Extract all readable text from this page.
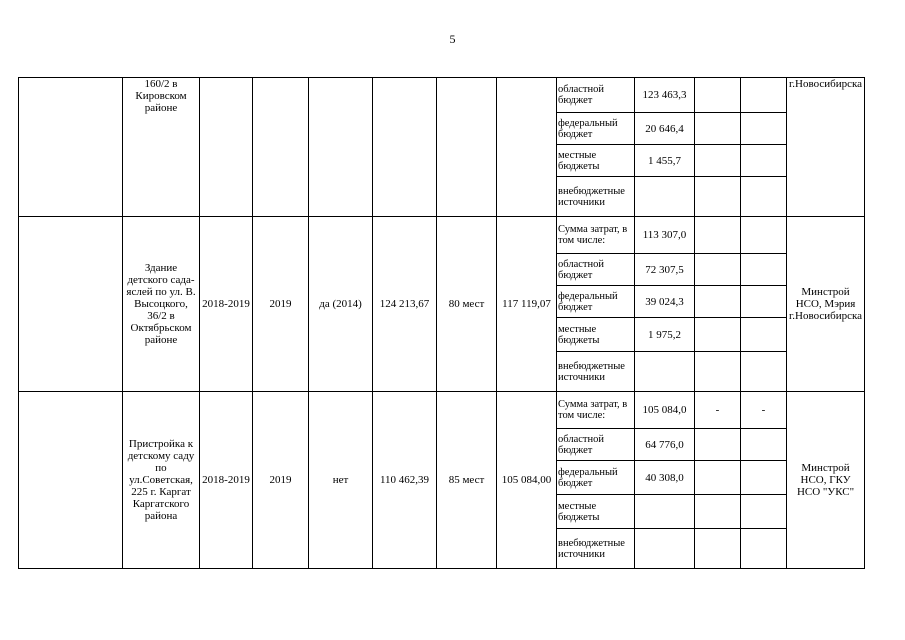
5
	160/2 в Кировском районе							областной бюджет	123 463,3			г.Новосибирска
								федеральный бюджет	20 646,4			
								местные бюджеты	1 455,7			
								внебюджетные источники				
	Здание детского сада-яслей по ул. В. Высоцкого, 36/2 в Октябрьском районе	2018-2019	2019	да (2014)	124 213,67	80 мест	117 119,07	Сумма затрат, в том числе:	113 307,0			Минстрой НСО, Мэрия г.Новосибирска
								областной бюджет	72 307,5			
								федеральный бюджет	39 024,3			
								местные бюджеты	1 975,2			
								внебюджетные источники				
	Пристройка к детскому саду по ул.Советская, 225 г. Каргат Каргатского района	2018-2019	2019	нет	110 462,39	85 мест	105 084,00	Сумма затрат, в том числе:	105 084,0	-	-	Минстрой НСО, ГКУ НСО "УКС"
								областной бюджет	64 776,0			
								федеральный бюджет	40 308,0			
								местные бюджеты				
								внебюджетные источники				
